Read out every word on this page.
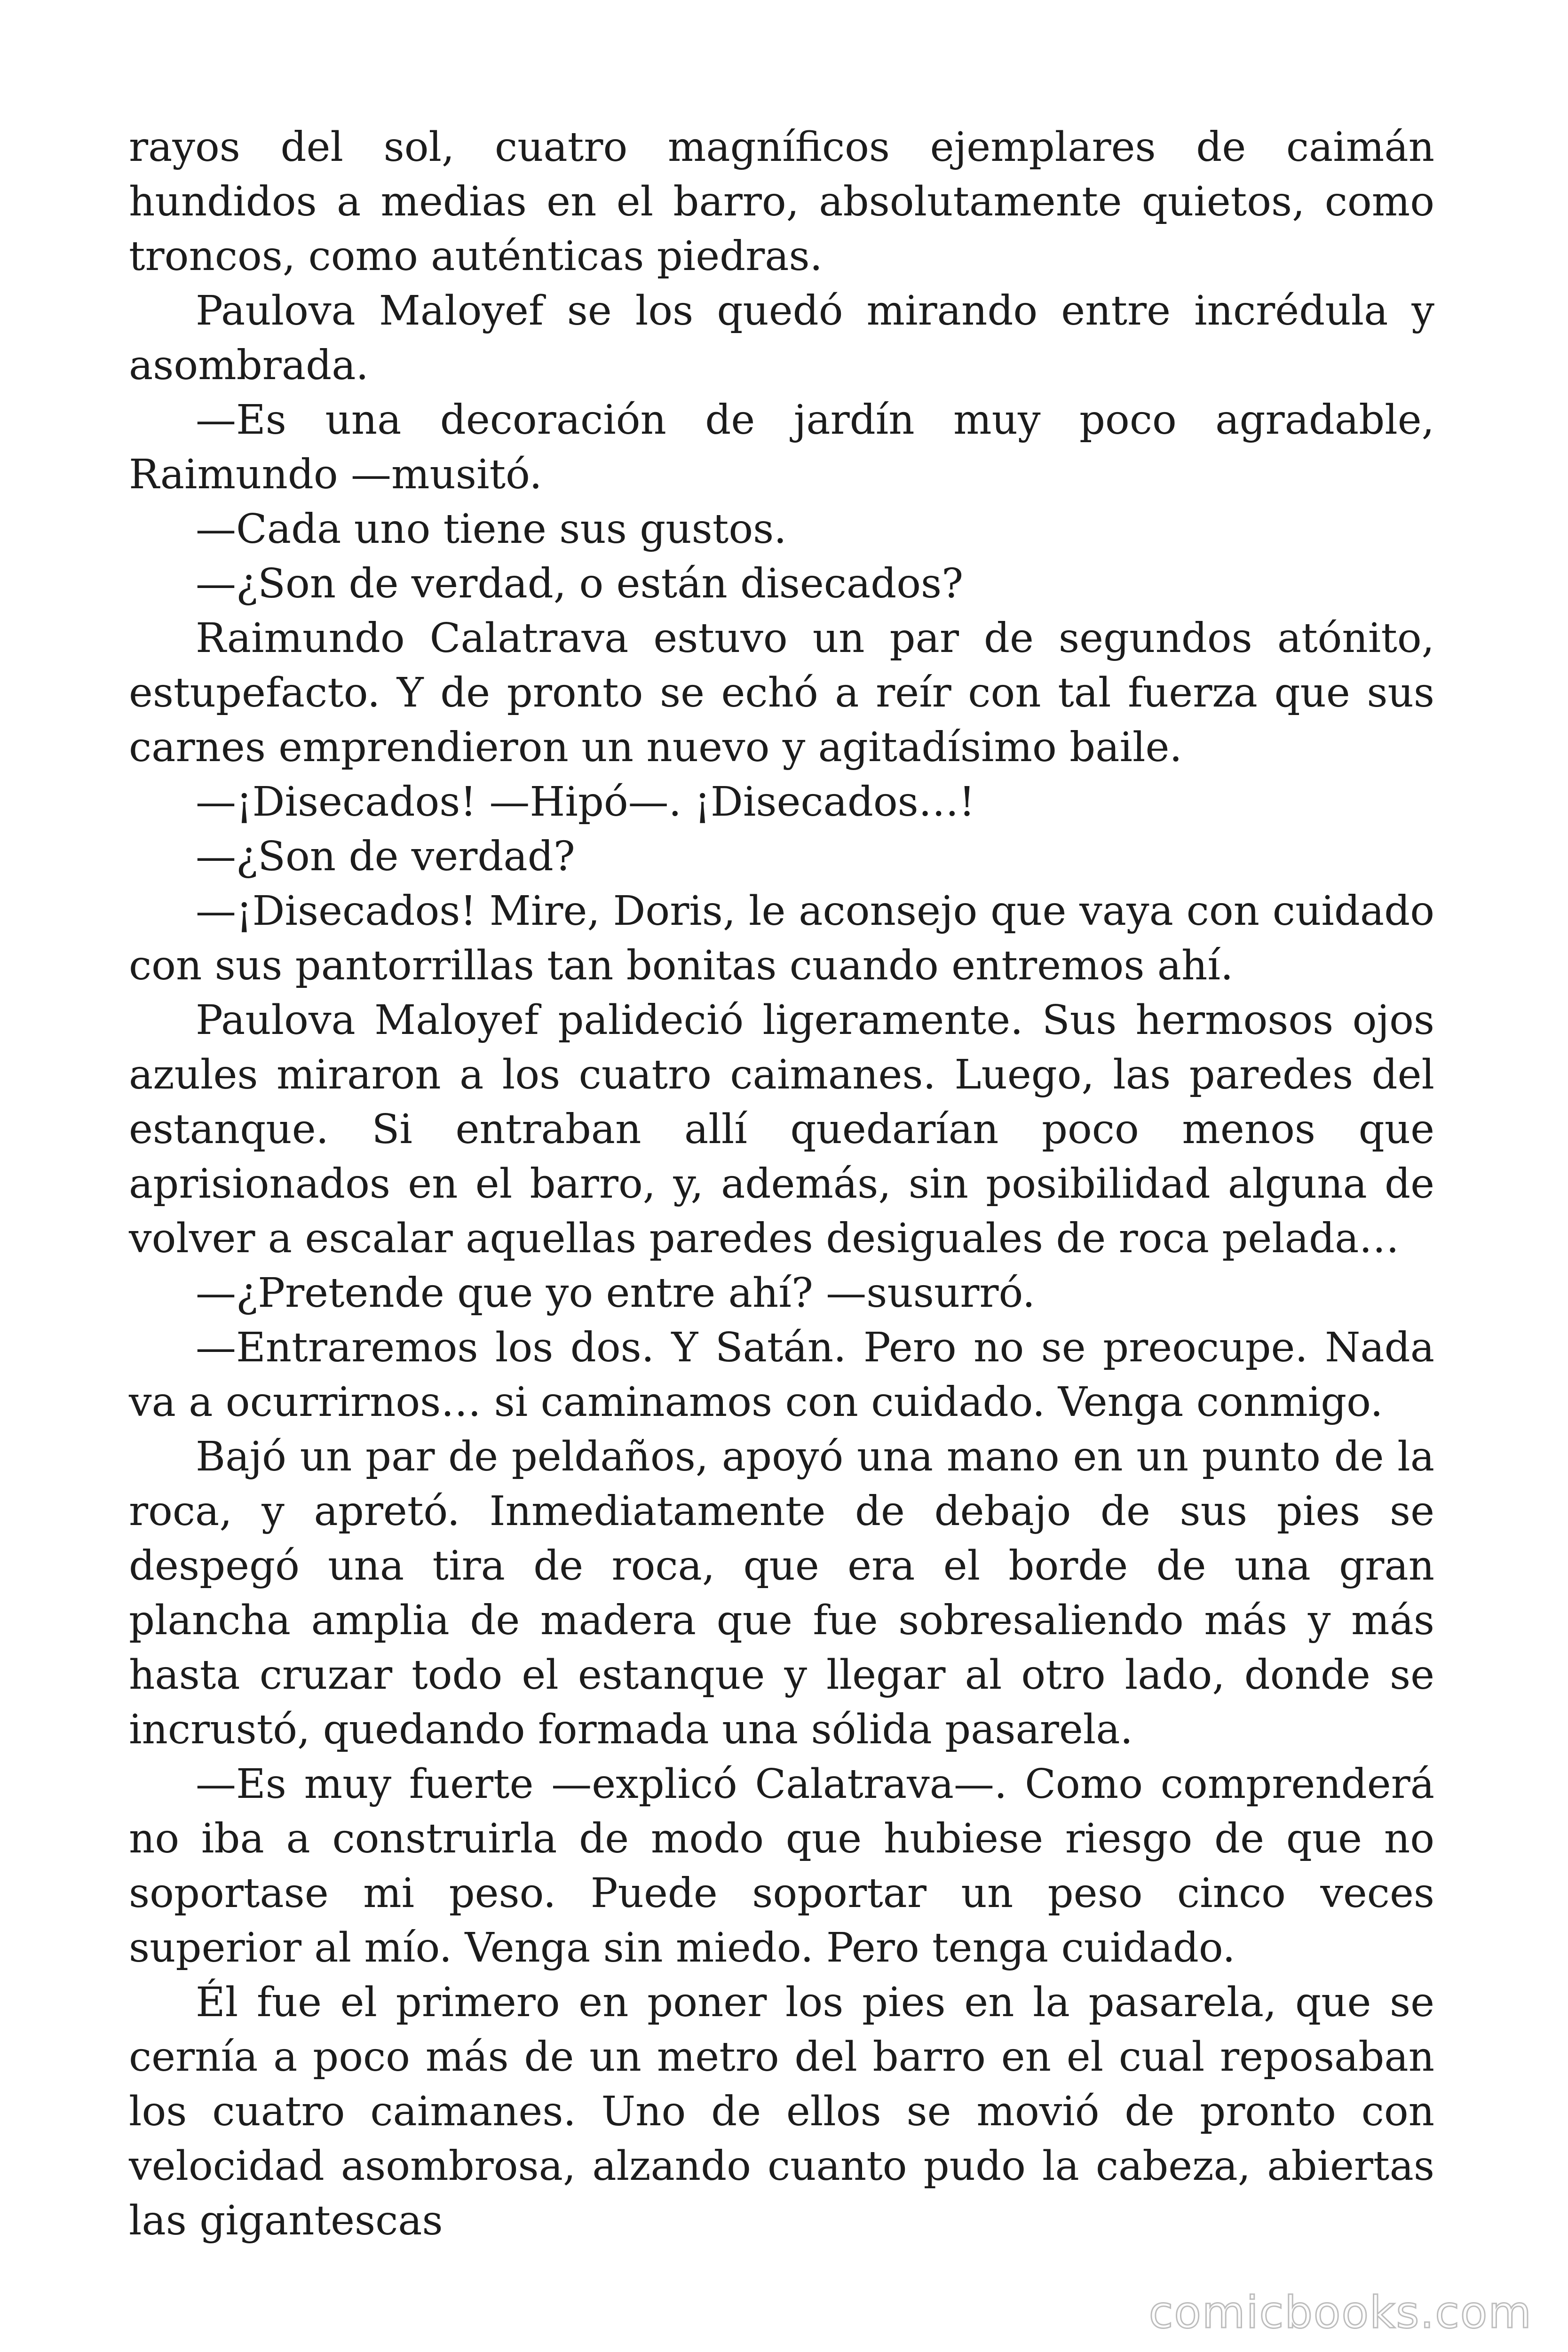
rayos del sol, cuatro magníficos ejemplares de caimán hundidos a medias en el barro, absolutamente quietos, como troncos, como auténticas piedras.

Paulova Maloyef se los quedó mirando entre incrédula y asombrada.

—Es una decoración de jardín muy poco agradable, Raimundo —musitó.

—Cada uno tiene sus gustos.

—¿Son de verdad, o están disecados?

Raimundo Calatrava estuvo un par de segundos atónito, estupefacto. Y de pronto se echó a reír con tal fuerza que sus carnes emprendieron un nuevo y agitadísimo baile.

—¡Disecados! —Hipó—. ¡Disecados…!

—¿Son de verdad?

—¡Disecados! Mire, Doris, le aconsejo que vaya con cuidado con sus pantorrillas tan bonitas cuando entremos ahí.

Paulova Maloyef palideció ligeramente. Sus hermosos ojos azules miraron a los cuatro caimanes. Luego, las paredes del estanque. Si entraban allí quedarían poco menos que aprisionados en el barro, y, además, sin posibilidad alguna de volver a escalar aquellas paredes desiguales de roca pelada…

—¿Pretende que yo entre ahí? —susurró.

—Entraremos los dos. Y Satán. Pero no se preocupe. Nada va a ocurrirnos… si caminamos con cuidado. Venga conmigo.

Bajó un par de peldaños, apoyó una mano en un punto de la roca, y apretó. Inmediatamente de debajo de sus pies se despegó una tira de roca, que era el borde de una gran plancha amplia de madera que fue sobresaliendo más y más hasta cruzar todo el estanque y llegar al otro lado, donde se incrustó, quedando formada una sólida pasarela.

—Es muy fuerte —explicó Calatrava—. Como comprenderá no iba a construirla de modo que hubiese riesgo de que no soportase mi peso. Puede soportar un peso cinco veces superior al mío. Venga sin miedo. Pero tenga cuidado.

Él fue el primero en poner los pies en la pasarela, que se cernía a poco más de un metro del barro en el cual reposaban los cuatro caimanes. Uno de ellos se movió de pronto con velocidad asombrosa, alzando cuanto pudo la cabeza, abiertas las gigantescas

comicbooks.com
